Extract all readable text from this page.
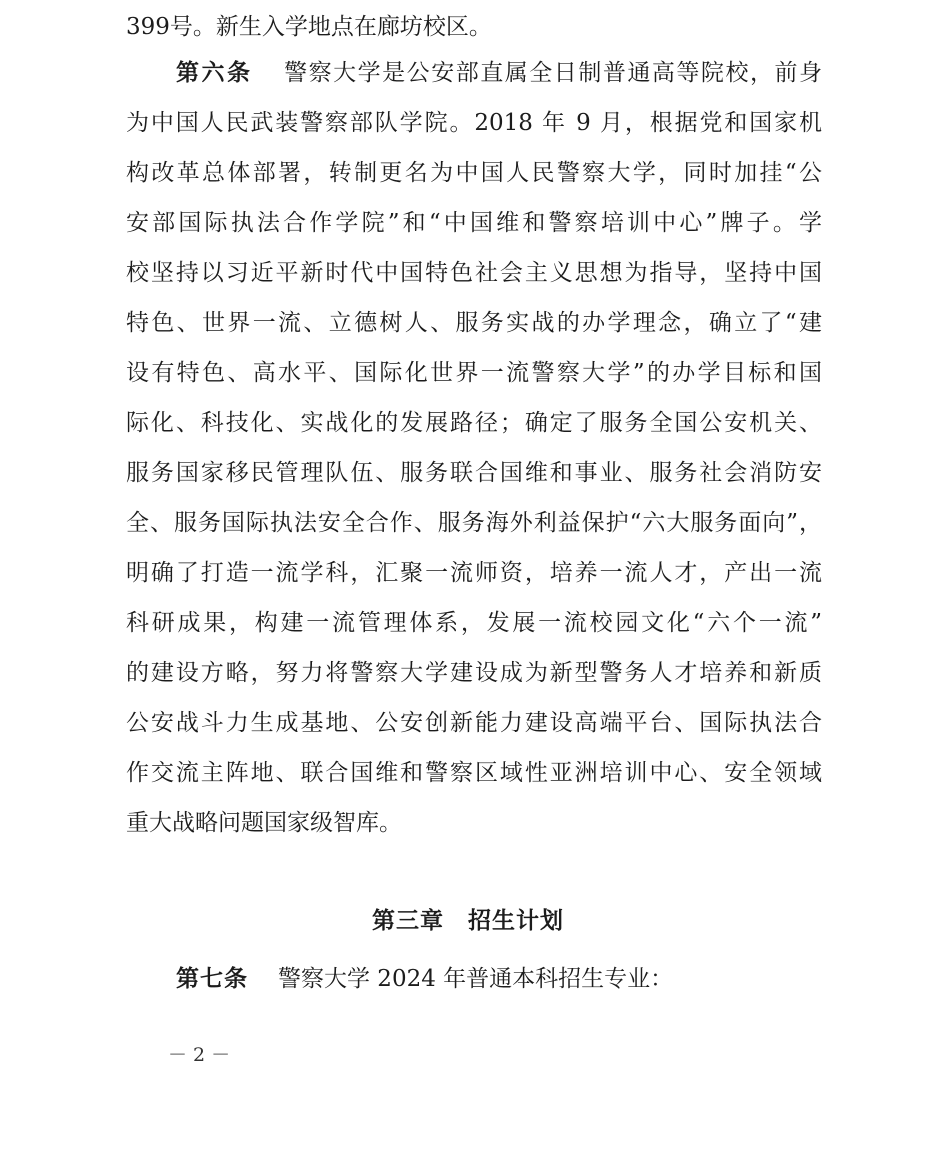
399号。新生入学地点在廊坊校区。
第六条 警察大学是公安部直属全日制普通高等院校，前身
为中国人民武装警察部队学院。2018 年 9 月，根据党和国家机
构改革总体部署，转制更名为中国人民警察大学，同时加挂“公
安部国际执法合作学院”和“中国维和警察培训中心”牌子。学
校坚持以习近平新时代中国特色社会主义思想为指导，坚持中国
特色、世界一流、立德树人、服务实战的办学理念，确立了“建
设有特色、高水平、国际化世界一流警察大学”的办学目标和国
际化、科技化、实战化的发展路径；确定了服务全国公安机关、
服务国家移民管理队伍、服务联合国维和事业、服务社会消防安
全、服务国际执法安全合作、服务海外利益保护“六大服务面向”，
明确了打造一流学科，汇聚一流师资，培养一流人才，产出一流
科研成果，构建一流管理体系，发展一流校园文化“六个一流”
的建设方略，努力将警察大学建设成为新型警务人才培养和新质
公安战斗力生成基地、公安创新能力建设高端平台、国际执法合
作交流主阵地、联合国维和警察区域性亚洲培训中心、安全领域
重大战略问题国家级智库。
第三章 招生计划
第七条 警察大学 2024 年普通本科招生专业：
－ 2 －
